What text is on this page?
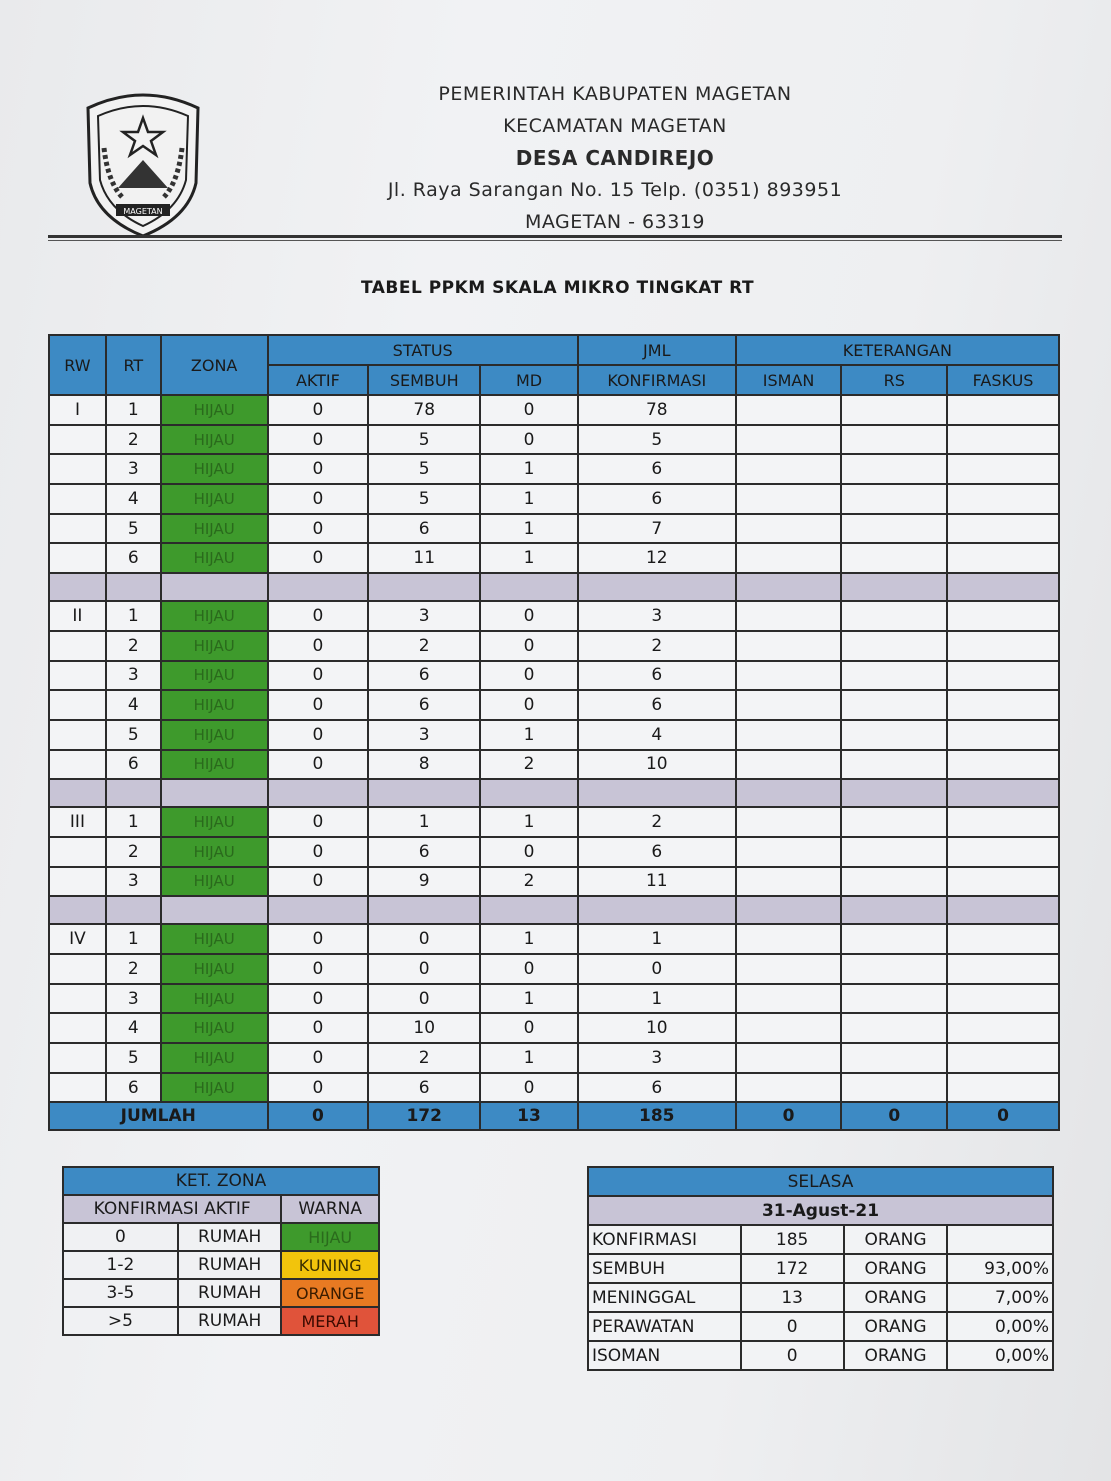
MAGETAN
PEMERINTAH KABUPATEN MAGETAN
KECAMATAN MAGETAN
DESA CANDIREJO
Jl. Raya Sarangan No. 15 Telp. (0351) 893951
MAGETAN - 63319
TABEL PPKM SKALA MIKRO TINGKAT RT
RW	RT	ZONA	STATUS			JML	KETERANGAN		
			AKTIF	SEMBUH	MD	KONFIRMASI	ISMAN	RS	FASKUS
I	1	HIJAU	0	78	0	78			
	2	HIJAU	0	5	0	5			
	3	HIJAU	0	5	1	6			
	4	HIJAU	0	5	1	6			
	5	HIJAU	0	6	1	7			
	6	HIJAU	0	11	1	12			

II	1	HIJAU	0	3	0	3			
	2	HIJAU	0	2	0	2			
	3	HIJAU	0	6	0	6			
	4	HIJAU	0	6	0	6			
	5	HIJAU	0	3	1	4			
	6	HIJAU	0	8	2	10			

III	1	HIJAU	0	1	1	2			
	2	HIJAU	0	6	0	6			
	3	HIJAU	0	9	2	11			

IV	1	HIJAU	0	0	1	1			
	2	HIJAU	0	0	0	0			
	3	HIJAU	0	0	1	1			
	4	HIJAU	0	10	0	10			
	5	HIJAU	0	2	1	3			
	6	HIJAU	0	6	0	6			
JUMLAH			0	172	13	185	0	0	0
KET. ZONA		
KONFIRMASI AKTIF		WARNA
0	RUMAH	HIJAU
1-2	RUMAH	KUNING
3-5	RUMAH	ORANGE
>5	RUMAH	MERAH
SELASA			
31-Agust-21			
KONFIRMASI	185	ORANG	
SEMBUH	172	ORANG	93,00%
MENINGGAL	13	ORANG	7,00%
PERAWATAN	0	ORANG	0,00%
ISOMAN	0	ORANG	0,00%
